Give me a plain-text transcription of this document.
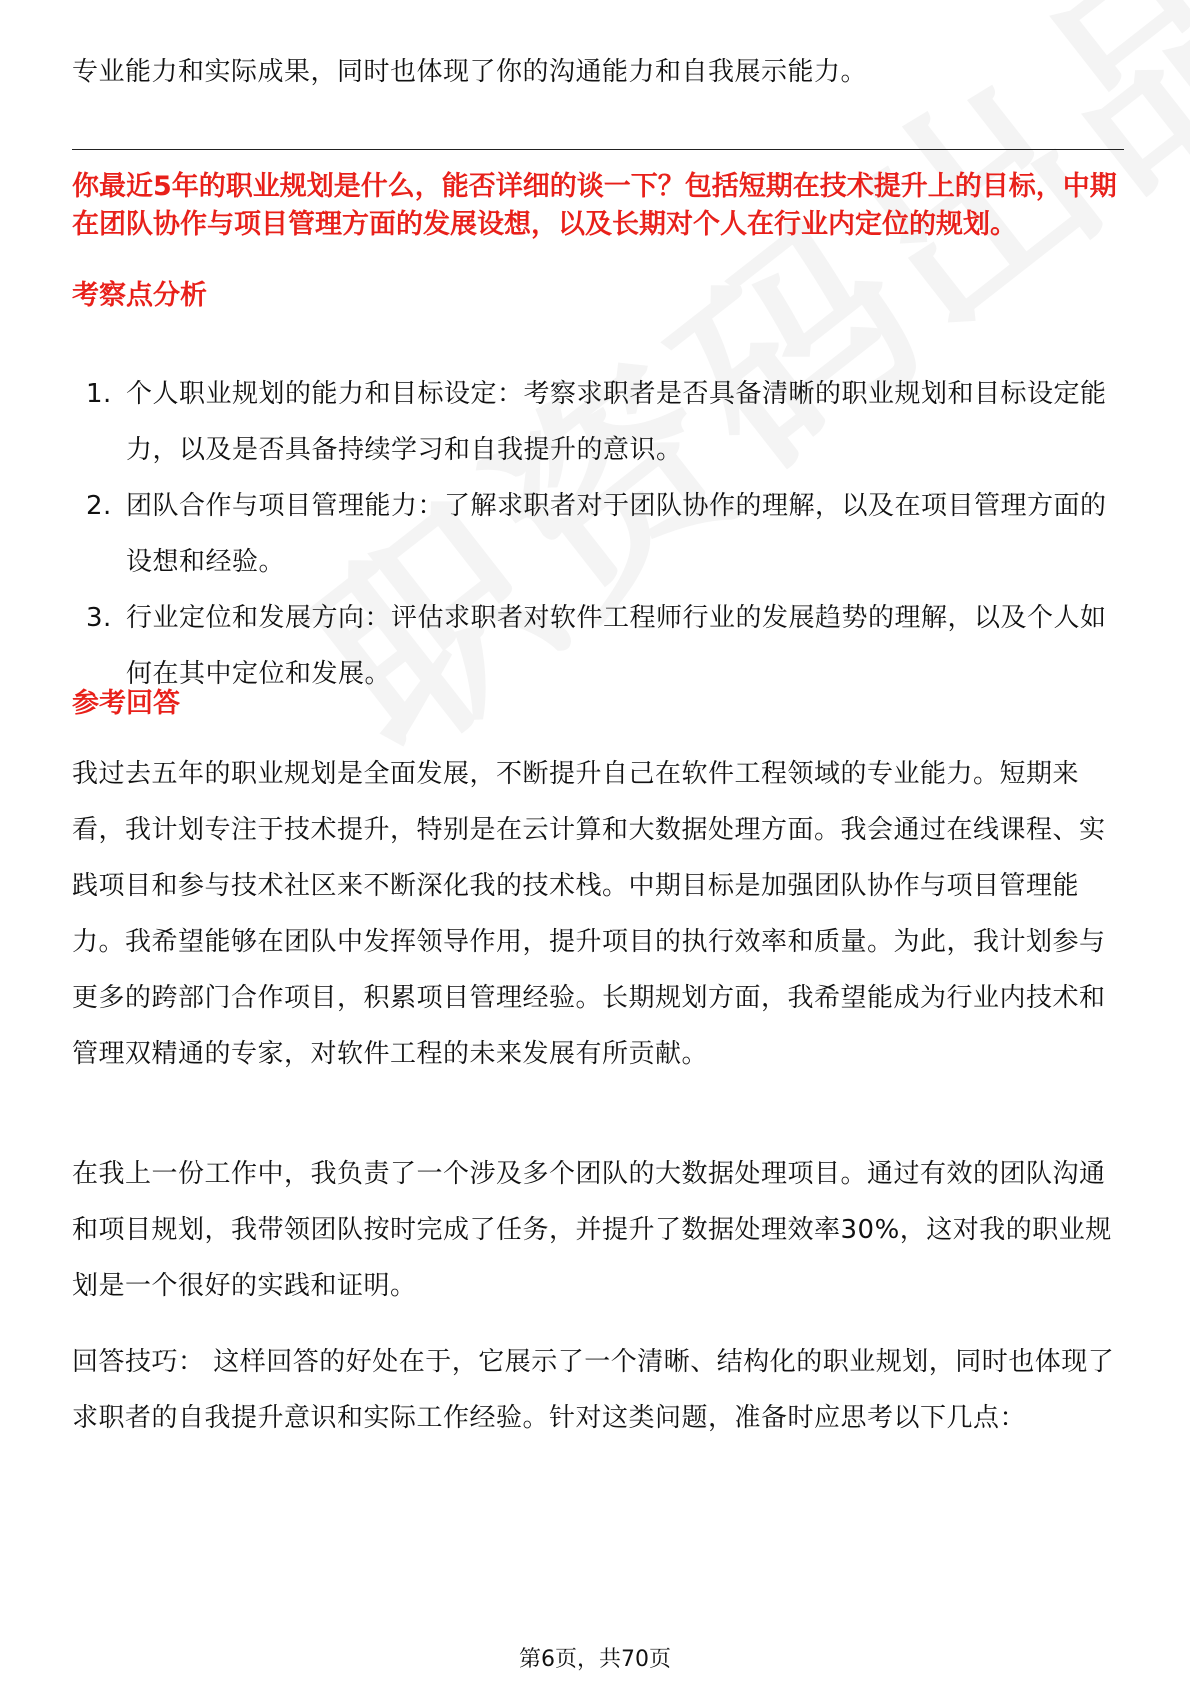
专业能力和实际成果，同时也体现了你的沟通能力和自我展示能力。

你最近5年的职业规划是什么，能否详细的谈一下？包括短期在技术提升上的目标，中期在团队协作与项目管理方面的发展设想，以及长期对个人在行业内定位的规划。

考察点分析
1. 个人职业规划的能力和目标设定：考察求职者是否具备清晰的职业规划和目标设定能力，以及是否具备持续学习和自我提升的意识。
2. 团队合作与项目管理能力：了解求职者对于团队协作的理解，以及在项目管理方面的设想和经验。
3. 行业定位和发展方向：评估求职者对软件工程师行业的发展趋势的理解，以及个人如何在其中定位和发展。
参考回答

我过去五年的职业规划是全面发展，不断提升自己在软件工程领域的专业能力。短期来看，我计划专注于技术提升，特别是在云计算和大数据处理方面。我会通过在线课程、实践项目和参与技术社区来不断深化我的技术栈。中期目标是加强团队协作与项目管理能力。我希望能够在团队中发挥领导作用，提升项目的执行效率和质量。为此，我计划参与更多的跨部门合作项目，积累项目管理经验。长期规划方面，我希望能成为行业内技术和管理双精通的专家，对软件工程的未来发展有所贡献。

在我上一份工作中，我负责了一个涉及多个团队的大数据处理项目。通过有效的团队沟通和项目规划，我带领团队按时完成了任务，并提升了数据处理效率30%，这对我的职业规划是一个很好的实践和证明。

回答技巧： 这样回答的好处在于，它展示了一个清晰、结构化的职业规划，同时也体现了求职者的自我提升意识和实际工作经验。针对这类问题，准备时应思考以下几点：

第6页，共70页
